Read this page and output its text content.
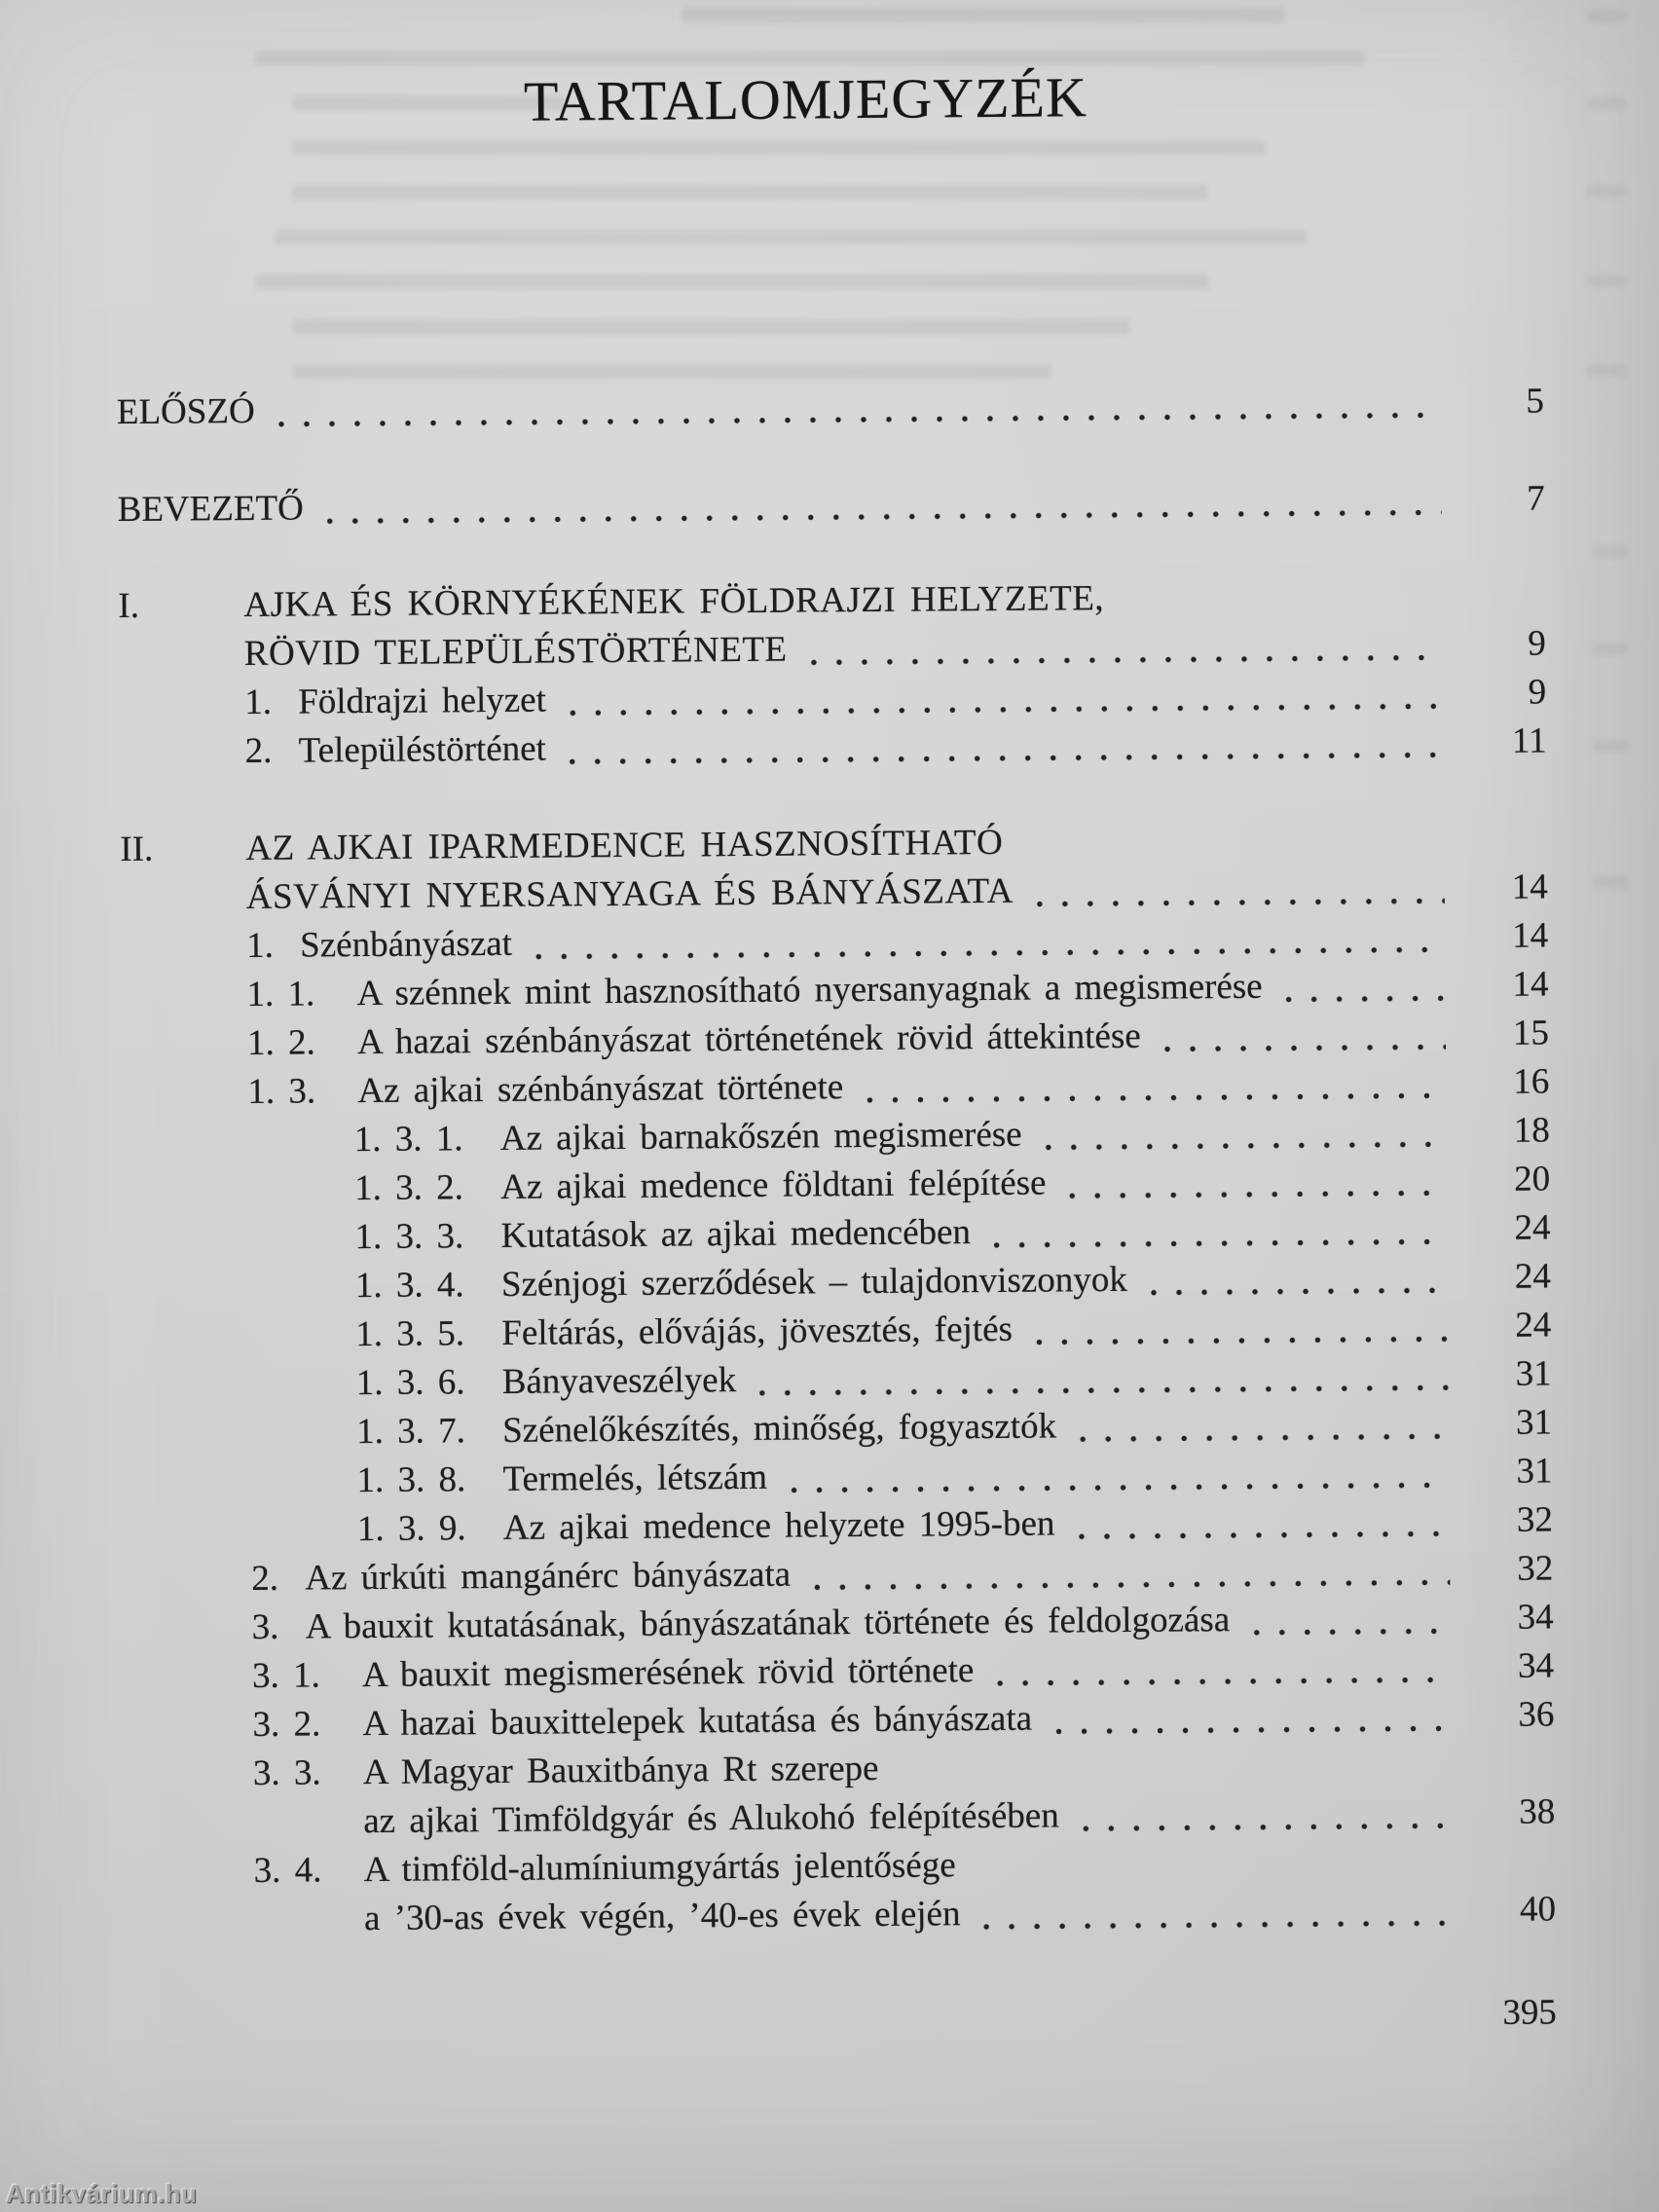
TARTALOMJEGYZÉK
ELŐSZÓ	5
BEVEZETŐ	7
I.	AJKA ÉS KÖRNYÉKÉNEK FÖLDRAJZI HELYZETE,
RÖVID TELEPÜLÉSTÖRTÉNETE	9
1. Földrajzi helyzet	9
2. Településtörténet	11
II.	AZ AJKAI IPARMEDENCE HASZNOSÍTHATÓ
ÁSVÁNYI NYERSANYAGA ÉS BÁNYÁSZATA	14
1. Szénbányászat	14
1. 1.	A szénnek mint hasznosítható nyersanyagnak a megismerése	14
1. 2.	A hazai szénbányászat történetének rövid áttekintése	15
1. 3.	Az ajkai szénbányászat története	16
1. 3. 1.	Az ajkai barnakőszén megismerése	18
1. 3. 2.	Az ajkai medence földtani felépítése	20
1. 3. 3.	Kutatások az ajkai medencében	24
1. 3. 4.	Szénjogi szerződések – tulajdonviszonyok	24
1. 3. 5.	Feltárás, elővájás, jövesztés, fejtés	24
1. 3. 6.	Bányaveszélyek	31
1. 3. 7.	Szénelőkészítés, minőség, fogyasztók	31
1. 3. 8.	Termelés, létszám	31
1. 3. 9.	Az ajkai medence helyzete 1995-ben	32
2. Az úrkúti mangánérc bányászata	32
3. A bauxit kutatásának, bányászatának története és feldolgozása	34
3. 1.	A bauxit megismerésének rövid története	34
3. 2.	A hazai bauxittelepek kutatása és bányászata	36
3. 3.	A Magyar Bauxitbánya Rt szerepe
az ajkai Timföldgyár és Alukohó felépítésében	38
3. 4.	A timföld-alumíniumgyártás jelentősége
a ’30-as évek végén, ’40-es évek elején	40
395
Antikvárium.hu
